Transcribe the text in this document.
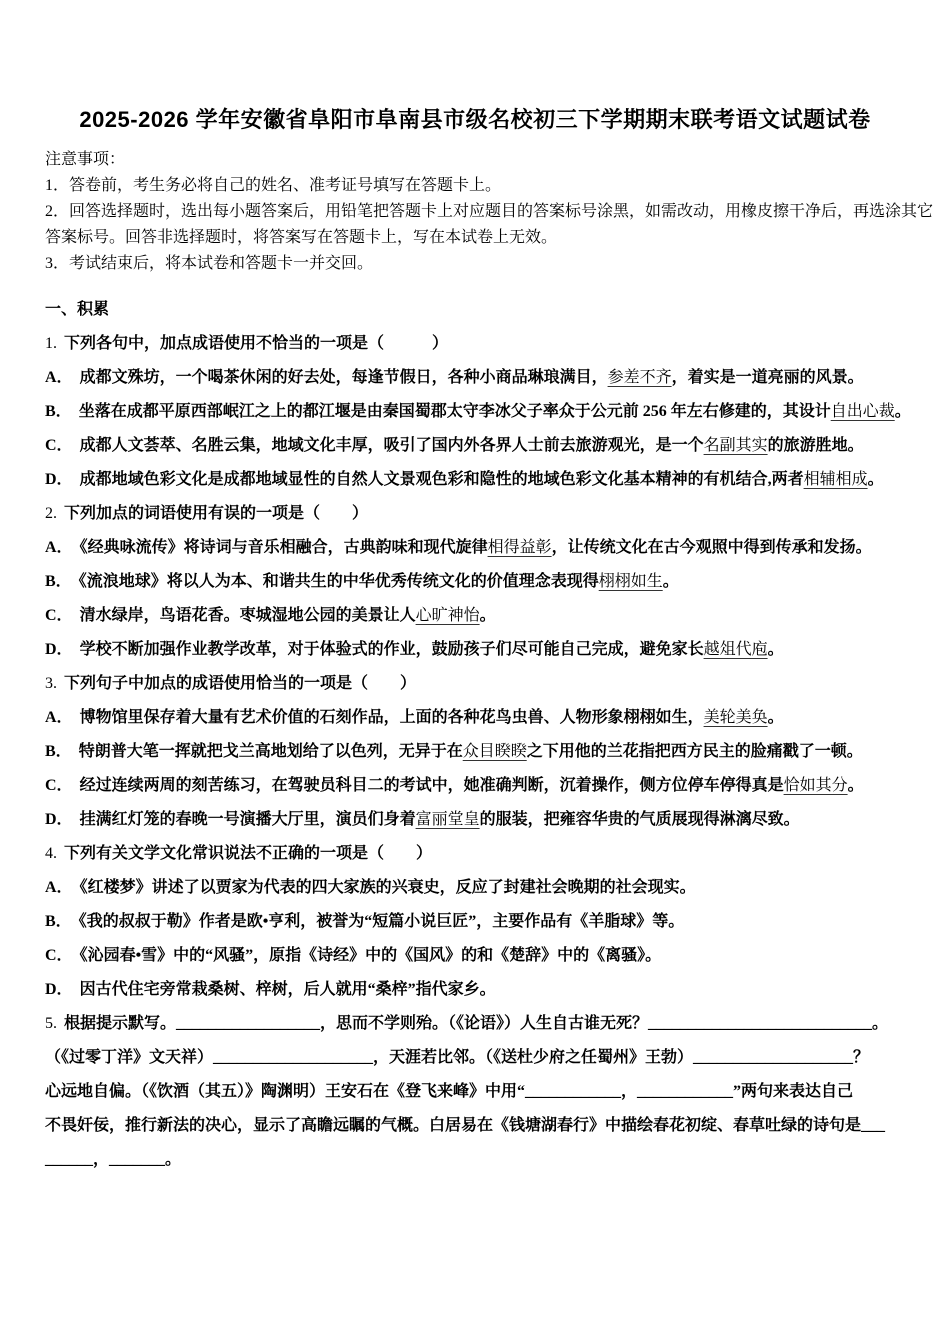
2025-2026 学年安徽省阜阳市阜南县市级名校初三下学期期末联考语文试题试卷

注意事项：

1．答卷前，考生务必将自己的姓名、准考证号填写在答题卡上。

2．回答选择题时，选出每小题答案后，用铅笔把答题卡上对应题目的答案标号涂黑，如需改动，用橡皮擦干净后，再选涂其它答案标号。回答非选择题时，将答案写在答题卡上，写在本试卷上无效。

3．考试结束后，将本试卷和答题卡一并交回。

一、积累

1. 下列各句中，加点成语使用不恰当的一项是（　　　）

A． 成都文殊坊，一个喝茶休闲的好去处，每逢节假日，各种小商品琳琅满目，参差不齐，着实是一道亮丽的风景。

B． 坐落在成都平原西部岷江之上的都江堰是由秦国蜀郡太守李冰父子率众于公元前 256 年左右修建的，其设计自出心裁。

C． 成都人文荟萃、名胜云集，地域文化丰厚，吸引了国内外各界人士前去旅游观光，是一个名副其实的旅游胜地。

D． 成都地域色彩文化是成都地域显性的自然人文景观色彩和隐性的地域色彩文化基本精神的有机结合,两者相辅相成。

2. 下列加点的词语使用有误的一项是（　　）

A． 《经典咏流传》将诗词与音乐相融合，古典韵味和现代旋律相得益彰，让传统文化在古今观照中得到传承和发扬。

B． 《流浪地球》将以人为本、和谐共生的中华优秀传统文化的价值理念表现得栩栩如生。

C． 清水绿岸，鸟语花香。枣城湿地公园的美景让人心旷神怡。

D． 学校不断加强作业教学改革，对于体验式的作业，鼓励孩子们尽可能自己完成，避免家长越俎代庖。

3. 下列句子中加点的成语使用恰当的一项是（　　）

A． 博物馆里保存着大量有艺术价值的石刻作品，上面的各种花鸟虫兽、人物形象栩栩如生，美轮美奂。

B． 特朗普大笔一挥就把戈兰高地划给了以色列，无异于在众目睽睽之下用他的兰花指把西方民主的脸痛戳了一顿。

C． 经过连续两周的刻苦练习，在驾驶员科目二的考试中，她准确判断，沉着操作，侧方位停车停得真是恰如其分。

D． 挂满红灯笼的春晚一号演播大厅里，演员们身着富丽堂皇的服装，把雍容华贵的气质展现得淋漓尽致。

4. 下列有关文学文化常识说法不正确的一项是（　　）

A． 《红楼梦》讲述了以贾家为代表的四大家族的兴衰史，反应了封建社会晚期的社会现实。

B． 《我的叔叔于勒》作者是欧•亨利，被誉为“短篇小说巨匠”，主要作品有《羊脂球》等。

C． 《沁园春•雪》中的“风骚”，原指《诗经》中的《国风》的和《楚辞》中的《离骚》。

D． 因古代住宅旁常栽桑树、梓树，后人就用“桑梓”指代家乡。

5. 根据提示默写。__________________，思而不学则殆。（《论语》）人生自古谁无死？____________________________。

（《过零丁洋》文天祥）____________________，天涯若比邻。（《送杜少府之任蜀州》王勃）____________________？

心远地自偏。（《饮酒（其五）》陶渊明）王安石在《登飞来峰》中用“____________，____________”两句来表达自己

不畏奸佞，推行新法的决心，显示了高瞻远瞩的气概。白居易在《钱塘湖春行》中描绘春花初绽、春草吐绿的诗句是___

______，_______。
